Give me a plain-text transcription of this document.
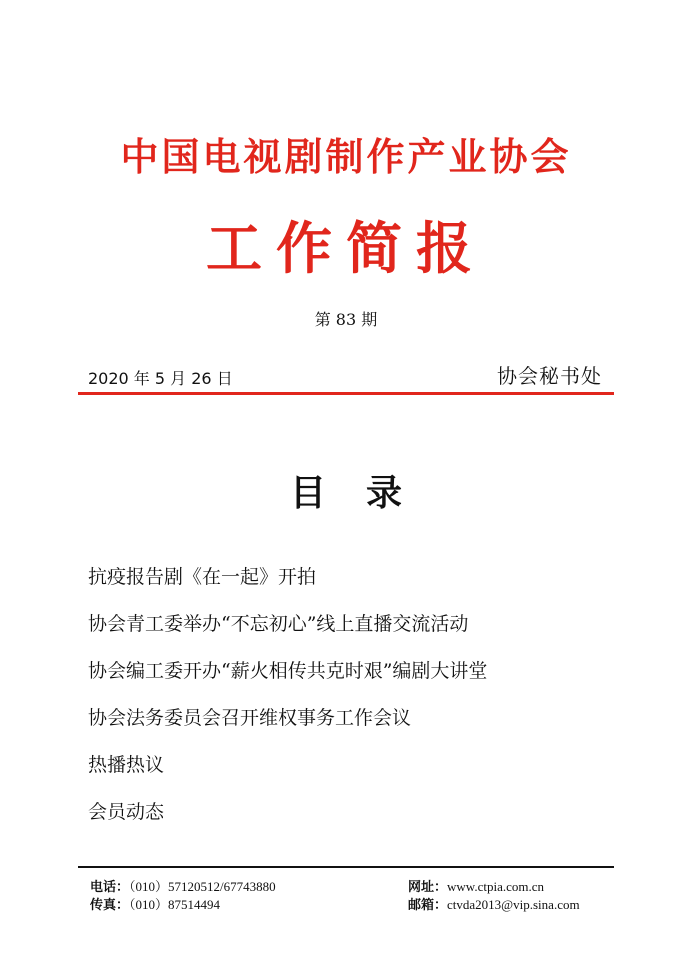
中国电视剧制作产业协会
工作简报
第 83 期
2020 年 5 月 26 日	协会秘书处
目 录
抗疫报告剧《在一起》开拍
协会青工委举办“不忘初心”线上直播交流活动
协会编工委开办“薪火相传共克时艰”编剧大讲堂
协会法务委员会召开维权事务工作会议
热播热议
会员动态
电话：（010）57120512/67743880
传真：（010）87514494
网址：www.ctpia.com.cn
邮箱：ctvda2013@vip.sina.com
